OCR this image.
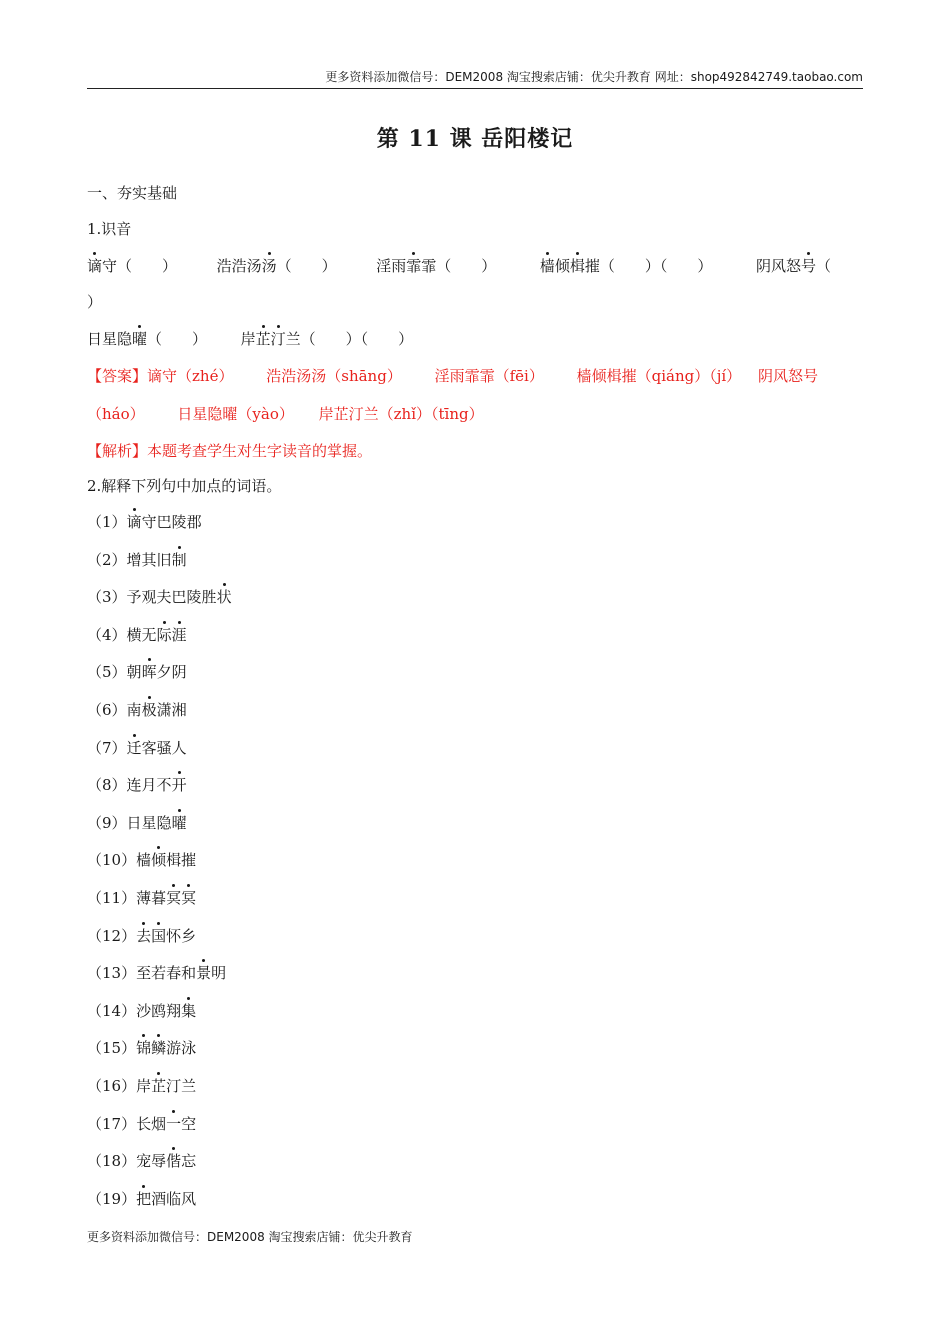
更多资料添加微信号：DEM2008 淘宝搜索店铺：优尖升教育 网址：shop492842749.taobao.com
第 11 课 岳阳楼记
一、夯实基础
1.识音
谪守（　　）	浩浩汤汤（　　）	淫雨霏霏（　　）	樯倾楫摧（　　）（　　）	阴风怒号（
）
日星隐曜（　　） 岸芷汀兰（　　）（　　）
【答案】谪守（zhé） 浩浩汤汤（shāng） 淫雨霏霏（fēi） 樯倾楫摧（qiáng）（jí） 阴风怒号
（háo） 日星隐曜（yào） 岸芷汀兰（zhǐ）（tīng）
【解析】本题考查学生对生字读音的掌握。
2.解释下列句中加点的词语。
（1）谪守巴陵郡
（2）增其旧制
（3）予观夫巴陵胜状
（4）横无际涯
（5）朝晖夕阴
（6）南极潇湘
（7）迁客骚人
（8）连月不开
（9）日星隐曜
（10）樯倾楫摧
（11）薄暮冥冥
（12）去国怀乡
（13）至若春和景明
（14）沙鸥翔集
（15）锦鳞游泳
（16）岸芷汀兰
（17）长烟一空
（18）宠辱偕忘
（19）把酒临风
更多资料添加微信号：DEM2008 淘宝搜索店铺：优尖升教育
